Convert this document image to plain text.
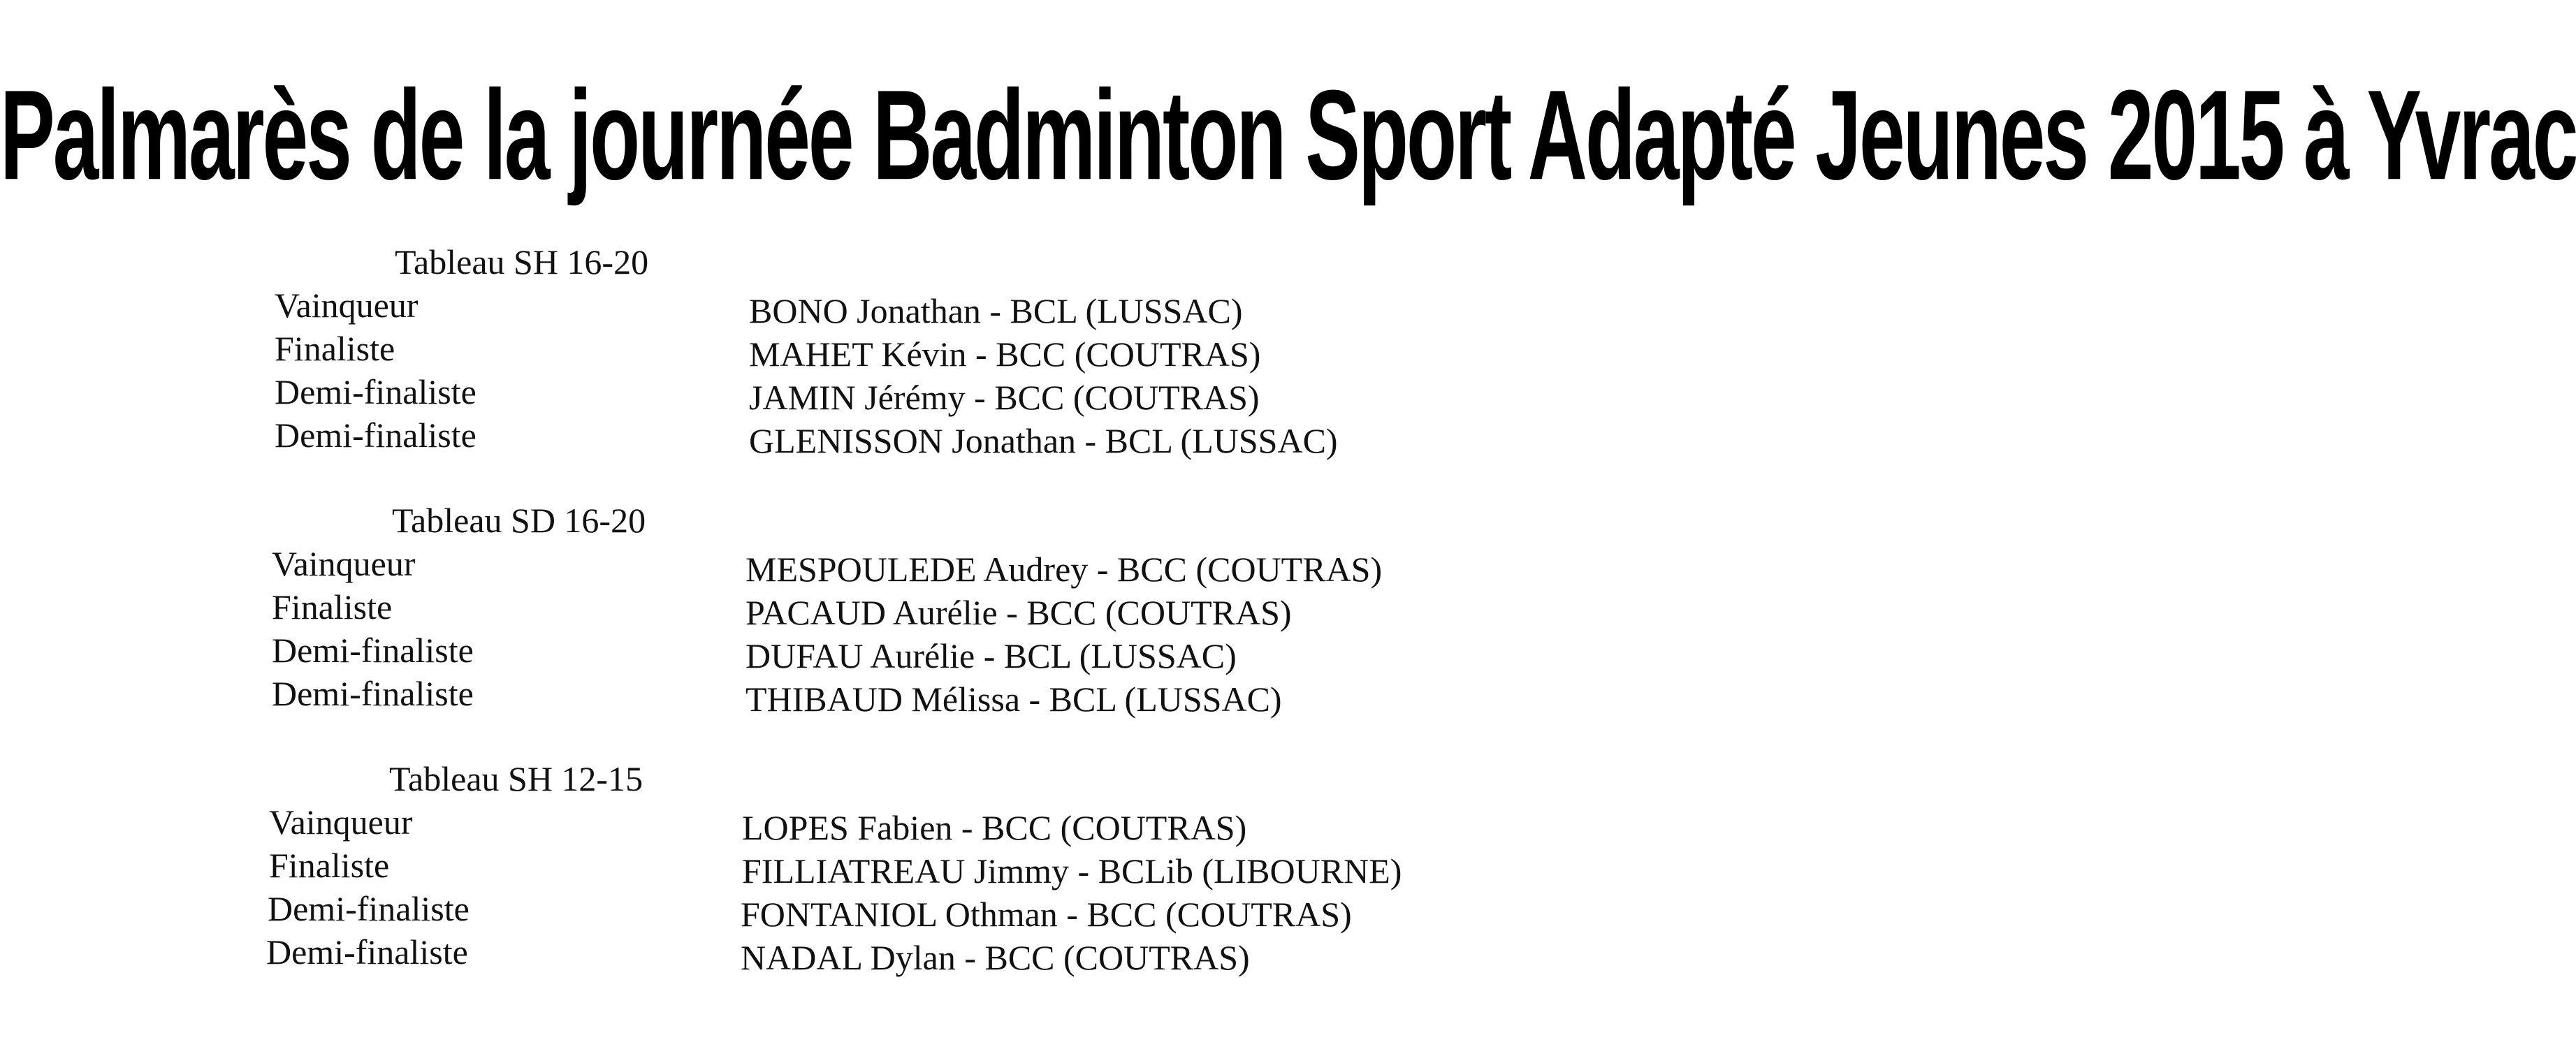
Palmarès de la journée Badminton Sport Adapté Jeunes 2015 à Yvrac
Tableau SH 16-20
Vainqueur	BONO Jonathan - BCL (LUSSAC)
Finaliste	MAHET Kévin - BCC (COUTRAS)
Demi-finaliste	JAMIN Jérémy - BCC (COUTRAS)
Demi-finaliste	GLENISSON Jonathan - BCL (LUSSAC)
Tableau SD 16-20
Vainqueur	MESPOULEDE Audrey - BCC (COUTRAS)
Finaliste	PACAUD Aurélie - BCC (COUTRAS)
Demi-finaliste	DUFAU Aurélie - BCL (LUSSAC)
Demi-finaliste	THIBAUD Mélissa - BCL (LUSSAC)
Tableau SH 12-15
Vainqueur	LOPES Fabien - BCC (COUTRAS)
Finaliste	FILLIATREAU Jimmy - BCLib (LIBOURNE)
Demi-finaliste	FONTANIOL Othman - BCC (COUTRAS)
Demi-finaliste	NADAL Dylan - BCC (COUTRAS)
